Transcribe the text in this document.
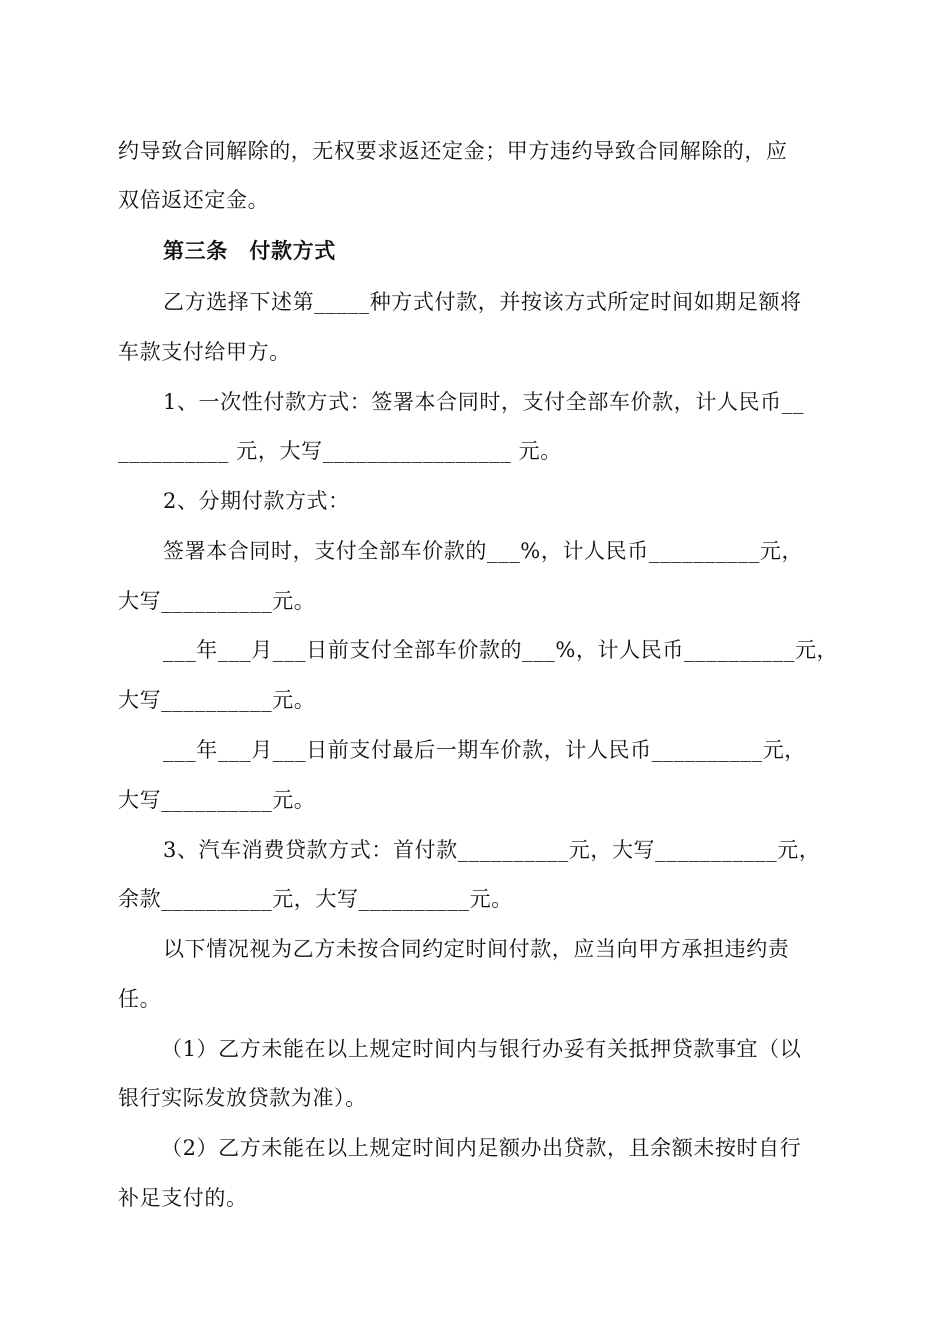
约导致合同解除的，无权要求返还定金；甲方违约导致合同解除的，应
双倍返还定金。
第三条　付款方式
乙方选择下述第_____种方式付款，并按该方式所定时间如期足额将
车款支付给甲方。
1、一次性付款方式：签署本合同时，支付全部车价款，计人民币__
__________ 元，大写_________________ 元。
2、分期付款方式：
签署本合同时，支付全部车价款的___%，计人民币__________元，
大写__________元。
___年___月___日前支付全部车价款的___%，计人民币__________元，
大写__________元。
___年___月___日前支付最后一期车价款，计人民币__________元，
大写__________元。
3、汽车消费贷款方式：首付款__________元，大写___________元，
余款__________元，大写__________元。
以下情况视为乙方未按合同约定时间付款，应当向甲方承担违约责
任。
（1）乙方未能在以上规定时间内与银行办妥有关抵押贷款事宜（以
银行实际发放贷款为准）。
（2）乙方未能在以上规定时间内足额办出贷款，且余额未按时自行
补足支付的。
